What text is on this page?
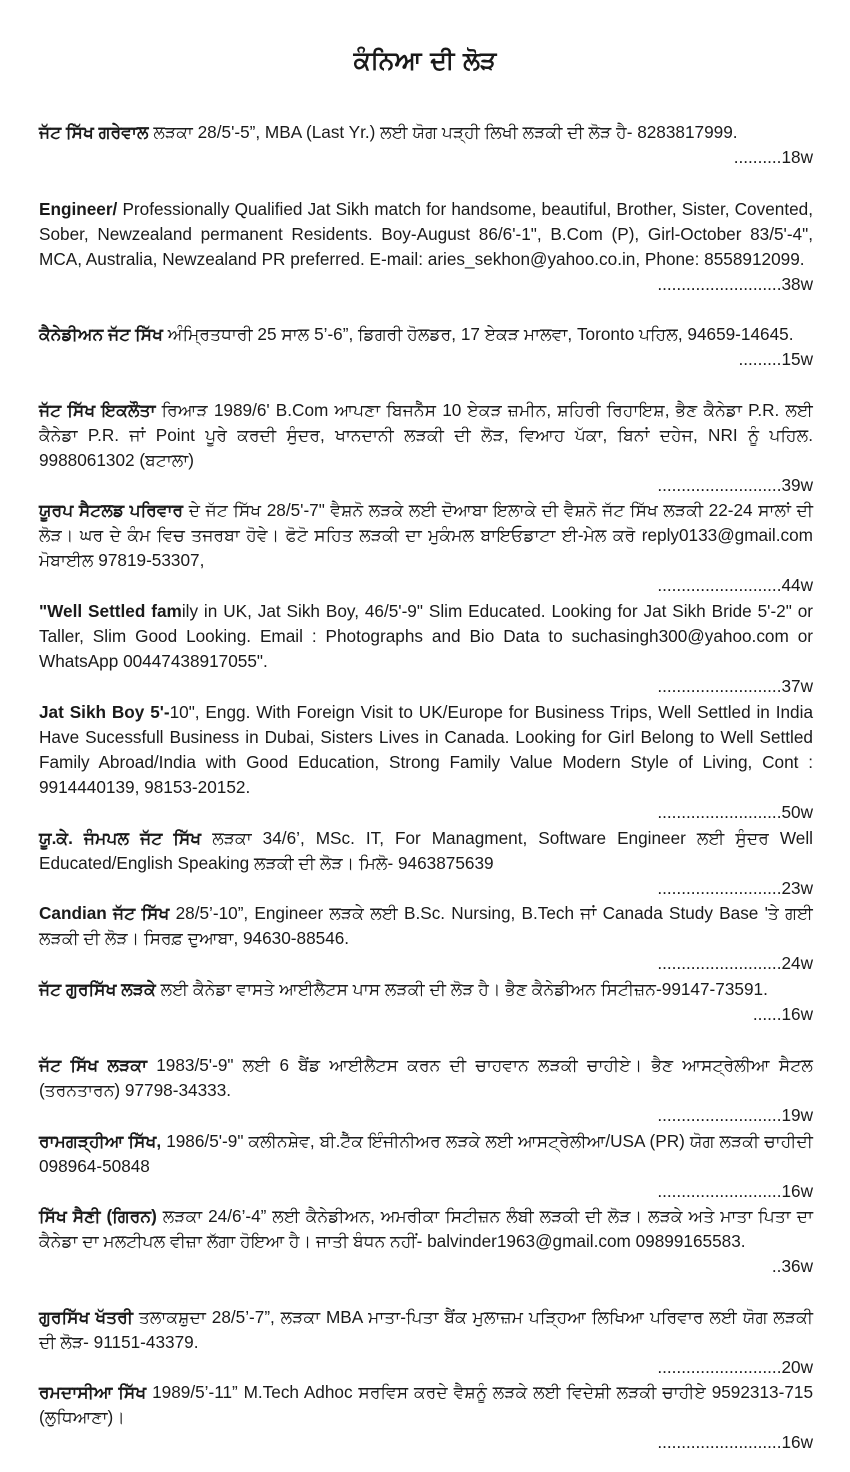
ਕੰਨਿਆ ਦੀ ਲੋੜ
ਜੱਟ ਸਿੱਖ ਗਰੇਵਾਲ ਲੜਕਾ 28/5'-5”, MBA (Last Yr.) ਲਈ ਯੋਗ ਪੜ੍ਹੀ ਲਿਖੀ ਲੜਕੀ ਦੀ ਲੋੜ ਹੈ- 8283817999.
..........18w
Engineer/ Professionally Qualified Jat Sikh match for handsome, beautiful, Brother, Sister, Covented, Sober, Newzealand permanent Residents. Boy-August 86/6'-1", B.Com (P), Girl-October 83/5'-4", MCA, Australia, Newzealand PR preferred. E-mail: aries_sekhon@yahoo.co.in, Phone: 8558912099.
..........................38w
ਕੈਨੇਡੀਅਨ ਜੱਟ ਸਿੱਖ ਅੰਮ੍ਰਿਤਧਾਰੀ 25 ਸਾਲ 5’-6”, ਡਿਗਰੀ ਹੋਲਡਰ, 17 ਏਕੜ ਮਾਲਵਾ, Toronto ਪਹਿਲ, 94659-14645.
.........15w
ਜੱਟ ਸਿੱਖ ਇਕਲੌਤਾ ਰਿਆੜ 1989/6' B.Com ਆਪਣਾ ਬਿਜਨੈੱਸ 10 ਏਕੜ ਜ਼ਮੀਨ, ਸ਼ਹਿਰੀ ਰਿਹਾਇਸ਼, ਭੈਣ ਕੈਨੇਡਾ P.R. ਲਈ ਕੈਨੇਡਾ P.R. ਜਾਂ Point ਪੂਰੇ ਕਰਦੀ ਸੁੰਦਰ, ਖਾਨਦਾਨੀ ਲੜਕੀ ਦੀ ਲੋੜ, ਵਿਆਹ ਪੱਕਾ, ਬਿਨਾਂ ਦਹੇਜ, NRI ਨੂੰ ਪਹਿਲ. 9988061302 (ਬਟਾਲਾ)
..........................39w
ਯੂਰਪ ਸੈਟਲਡ ਪਰਿਵਾਰ ਦੇ ਜੱਟ ਸਿੱਖ 28/5'-7" ਵੈਸ਼ਨੋ ਲੜਕੇ ਲਈ ਦੋਆਬਾ ਇਲਾਕੇ ਦੀ ਵੈਸ਼ਨੋ ਜੱਟ ਸਿੱਖ ਲੜਕੀ 22-24 ਸਾਲਾਂ ਦੀ ਲੋੜ। ਘਰ ਦੇ ਕੰਮ ਵਿਚ ਤਜਰਬਾ ਹੋਵੇ। ਫੋਟੋ ਸਹਿਤ ਲੜਕੀ ਦਾ ਮੁਕੰਮਲ ਬਾਇਓਡਾਟਾ ਈ-ਮੇਲ ਕਰੋ reply0133@gmail.com ਮੋਬਾਈਲ 97819-53307,
..........................44w
"Well Settled family in UK, Jat Sikh Boy, 46/5'-9" Slim Educated. Looking for Jat Sikh Bride 5'-2" or Taller, Slim Good Looking. Email : Photographs and Bio Data to suchasingh300@yahoo.com or WhatsApp 00447438917055".
..........................37w
Jat Sikh Boy 5'-10", Engg. With Foreign Visit to UK/Europe for Business Trips, Well Settled in India Have Sucessfull Business in Dubai, Sisters Lives in Canada. Looking for Girl Belong to Well Settled Family Abroad/India with Good Education, Strong Family Value Modern Style of Living, Cont : 9914440139, 98153-20152.
..........................50w
ਯੂ.ਕੇ. ਜੰਮਪਲ ਜੱਟ ਸਿੱਖ ਲੜਕਾ 34/6’, MSc. IT, For Managment, Software Engineer ਲਈ ਸੁੰਦਰ Well Educated/English Speaking ਲੜਕੀ ਦੀ ਲੋੜ। ਮਿਲੋ- 9463875639
..........................23w
Candian ਜੱਟ ਸਿੱਖ 28/5’-10”, Engineer ਲੜਕੇ ਲਈ B.Sc. Nursing, B.Tech ਜਾਂ Canada Study Base 'ਤੇ ਗਈ ਲੜਕੀ ਦੀ ਲੋੜ। ਸਿਰਫ਼ ਦੁਆਬਾ, 94630-88546.
..........................24w
ਜੱਟ ਗੁਰਸਿੱਖ ਲੜਕੇ ਲਈ ਕੈਨੇਡਾ ਵਾਸਤੇ ਆਈਲੈਟਸ ਪਾਸ ਲੜਕੀ ਦੀ ਲੋੜ ਹੈ। ਭੈਣ ਕੈਨੇਡੀਅਨ ਸਿਟੀਜ਼ਨ-99147-73591.
......16w
ਜੱਟ ਸਿੱਖ ਲੜਕਾ 1983/5'-9" ਲਈ 6 ਬੈਂਡ ਆਈਲੈਟਸ ਕਰਨ ਦੀ ਚਾਹਵਾਨ ਲੜਕੀ ਚਾਹੀਏ। ਭੈਣ ਆਸਟ੍ਰੇਲੀਆ ਸੈਟਲ (ਤਰਨਤਾਰਨ) 97798-34333.
..........................19w
ਰਾਮਗੜ੍ਹੀਆ ਸਿੱਖ, 1986/5'-9" ਕਲੀਨਸ਼ੇਵ, ਬੀ.ਟੈੱਕ ਇੰਜੀਨੀਅਰ ਲੜਕੇ ਲਈ ਆਸਟ੍ਰੇਲੀਆ/USA (PR) ਯੋਗ ਲੜਕੀ ਚਾਹੀਦੀ 098964-50848
..........................16w
ਸਿੱਖ ਸੈਣੀ (ਗਿਰਨ) ਲੜਕਾ 24/6’-4” ਲਈ ਕੈਨੇਡੀਅਨ, ਅਮਰੀਕਾ ਸਿਟੀਜ਼ਨ ਲੰਬੀ ਲੜਕੀ ਦੀ ਲੋੜ। ਲੜਕੇ ਅਤੇ ਮਾਤਾ ਪਿਤਾ ਦਾ ਕੈਨੇਡਾ ਦਾ ਮਲਟੀਪਲ ਵੀਜ਼ਾ ਲੱਗਾ ਹੋਇਆ ਹੈ। ਜਾਤੀ ਬੰਧਨ ਨਹੀਂ- balvinder1963@gmail.com 09899165583.
..36w
ਗੁਰਸਿੱਖ ਖੱਤਰੀ ਤਲਾਕਸ਼ੁਦਾ 28/5’-7”, ਲੜਕਾ MBA ਮਾਤਾ-ਪਿਤਾ ਬੈਂਕ ਮੁਲਾਜ਼ਮ ਪੜ੍ਹਿਆ ਲਿਖਿਆ ਪਰਿਵਾਰ ਲਈ ਯੋਗ ਲੜਕੀ ਦੀ ਲੋੜ- 91151-43379.
..........................20w
ਰਮਦਾਸੀਆ ਸਿੱਖ 1989/5’-11” M.Tech Adhoc ਸਰਵਿਸ ਕਰਦੇ ਵੈਸ਼ਨੂੰ ਲੜਕੇ ਲਈ ਵਿਦੇਸ਼ੀ ਲੜਕੀ ਚਾਹੀਏ 9592313-715 (ਲੁਧਿਆਣਾ)।
..........................16w
